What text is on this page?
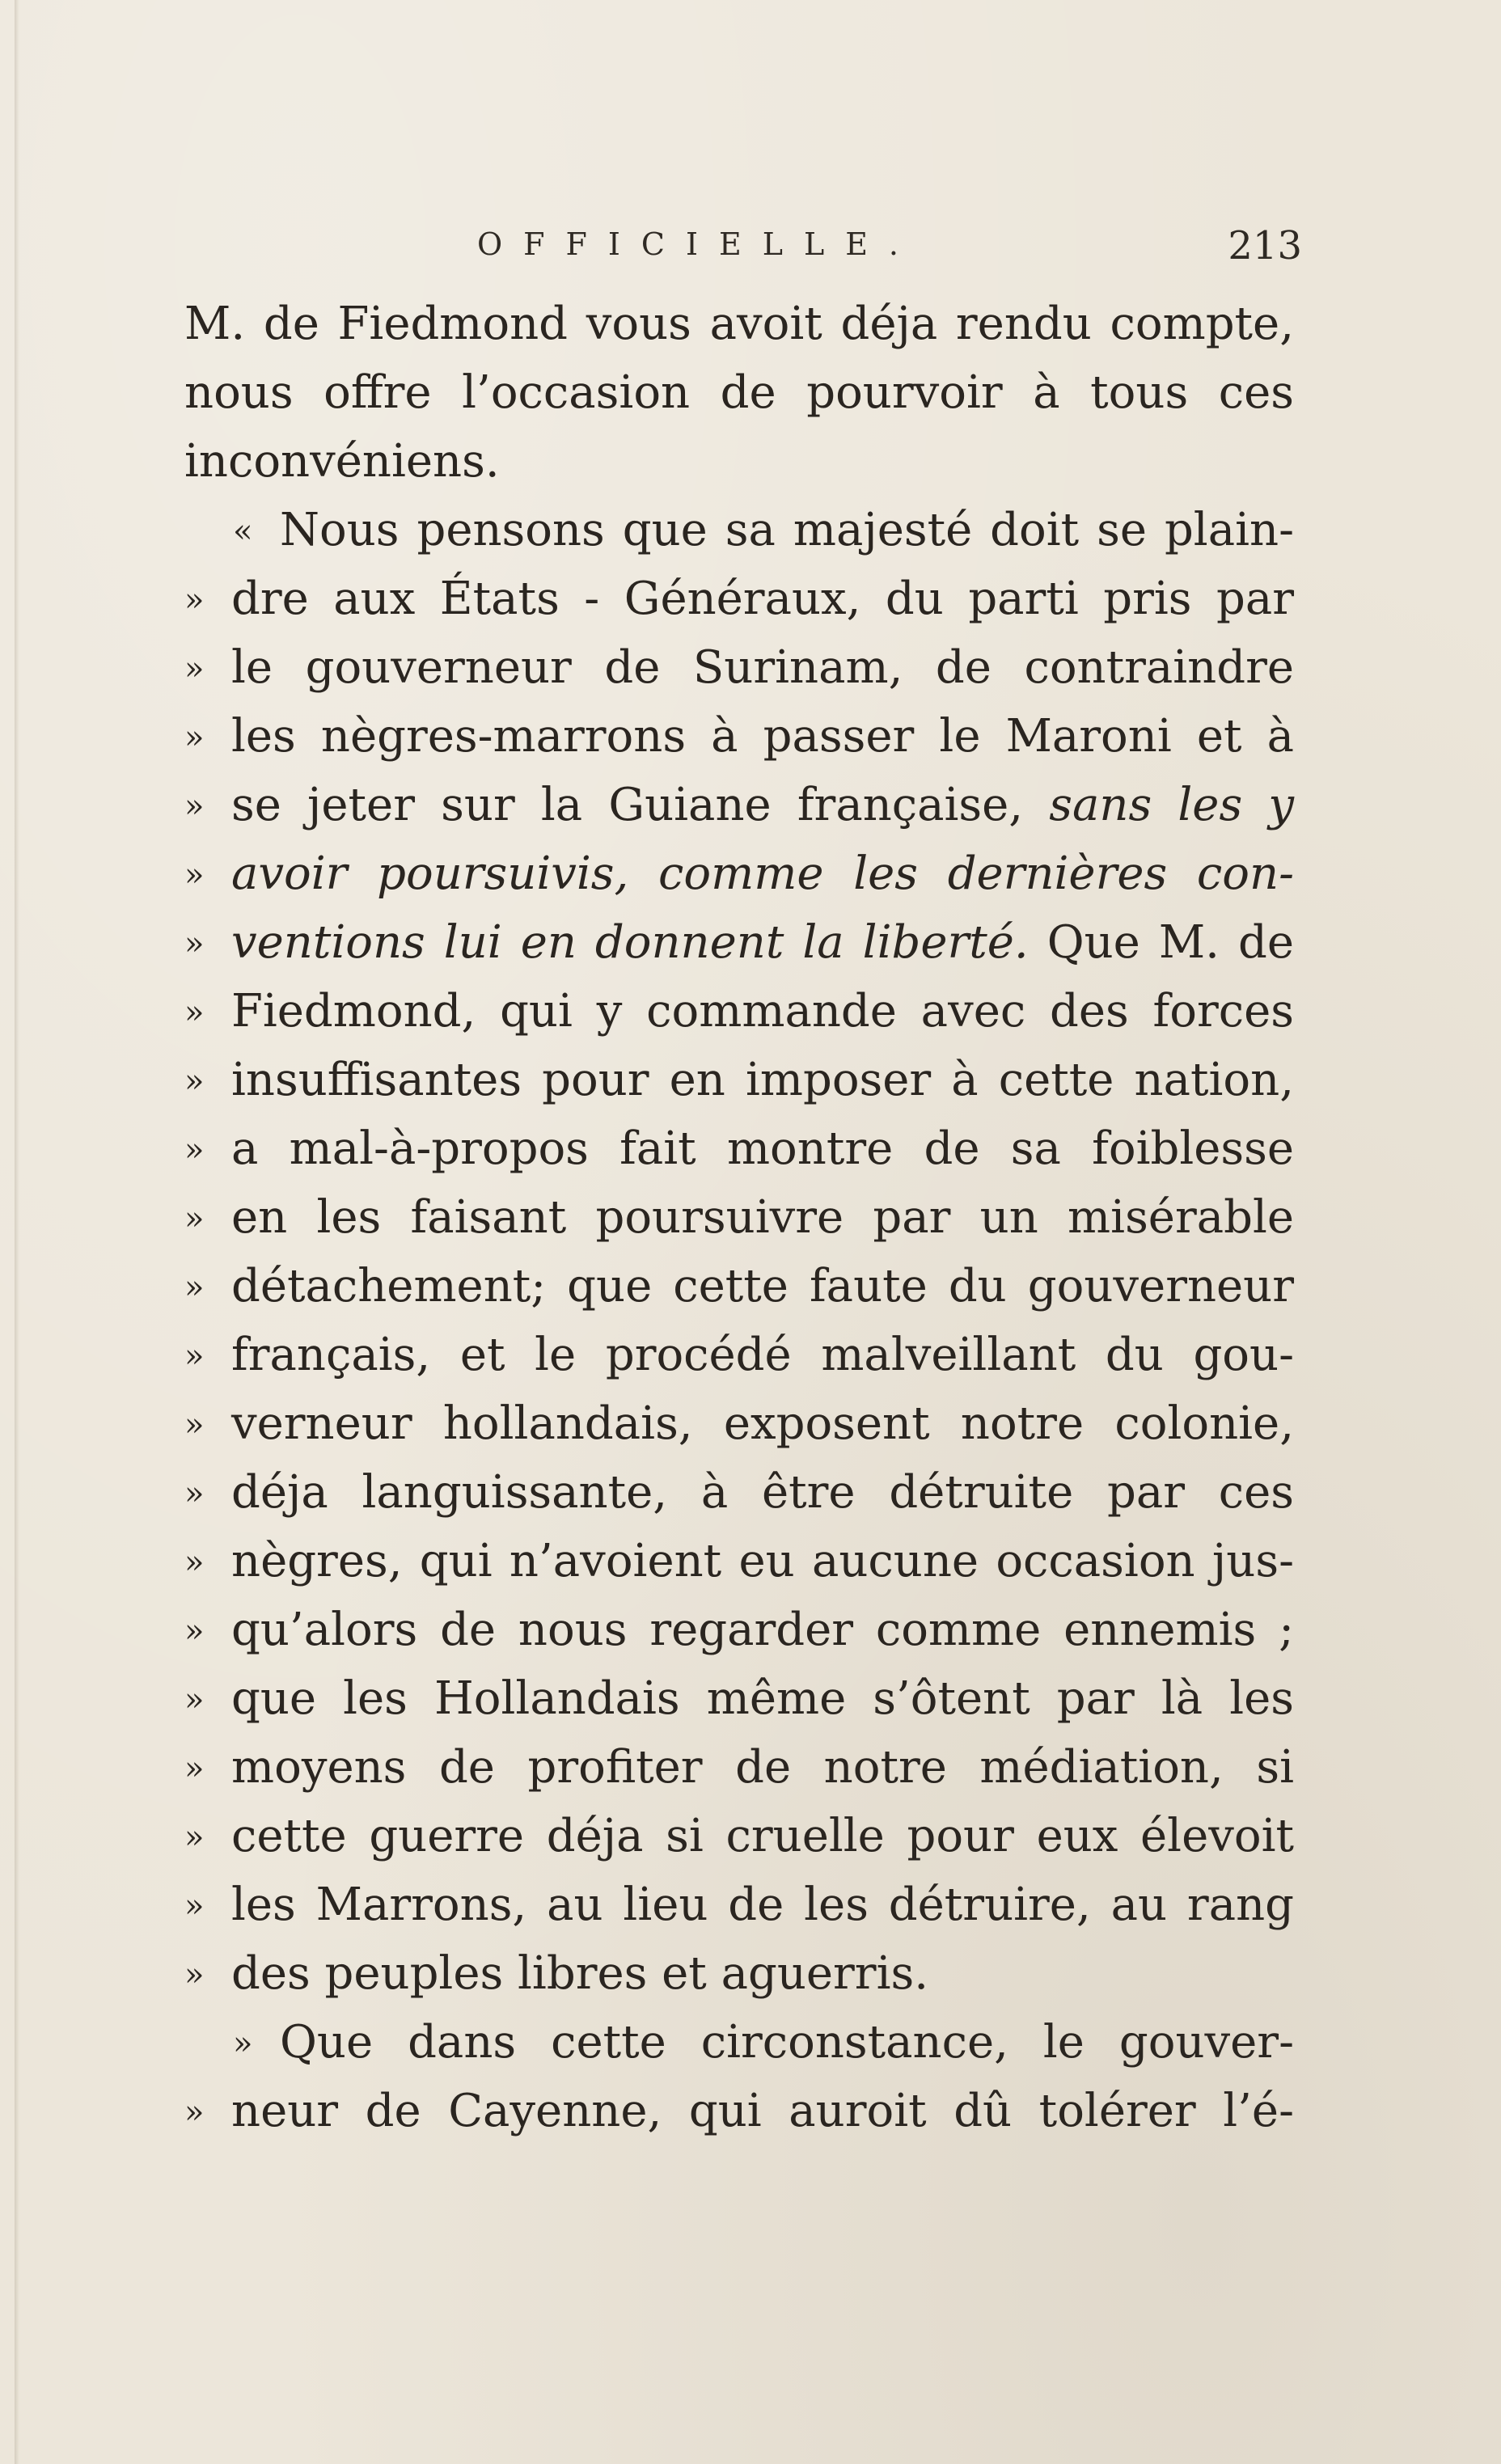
OFFICIELLE.	213
M. de Fiedmond vous avoit déja rendu compte,
nous offre l’occasion de pourvoir à tous ces
inconvéniens.
« Nous pensons que sa majesté doit se plain-
» dre aux États - Généraux, du parti pris par
» le gouverneur de Surinam, de contraindre
» les nègres-marrons à passer le Maroni et à
» se jeter sur la Guiane française, sans les y
» avoir poursuivis, comme les dernières con-
» ventions lui en donnent la liberté. Que M. de
» Fiedmond, qui y commande avec des forces
» insuffisantes pour en imposer à cette nation,
» a mal-à-propos fait montre de sa foiblesse
» en les faisant poursuivre par un misérable
» détachement; que cette faute du gouverneur
» français, et le procédé malveillant du gou-
» verneur hollandais, exposent notre colonie,
» déja languissante, à être détruite par ces
» nègres, qui n’avoient eu aucune occasion jus-
» qu’alors de nous regarder comme ennemis ;
» que les Hollandais même s’ôtent par là les
» moyens de profiter de notre médiation, si
» cette guerre déja si cruelle pour eux élevoit
» les Marrons, au lieu de les détruire, au rang
» des peuples libres et aguerris.
» Que dans cette circonstance, le gouver-
» neur de Cayenne, qui auroit dû tolérer l’é-
